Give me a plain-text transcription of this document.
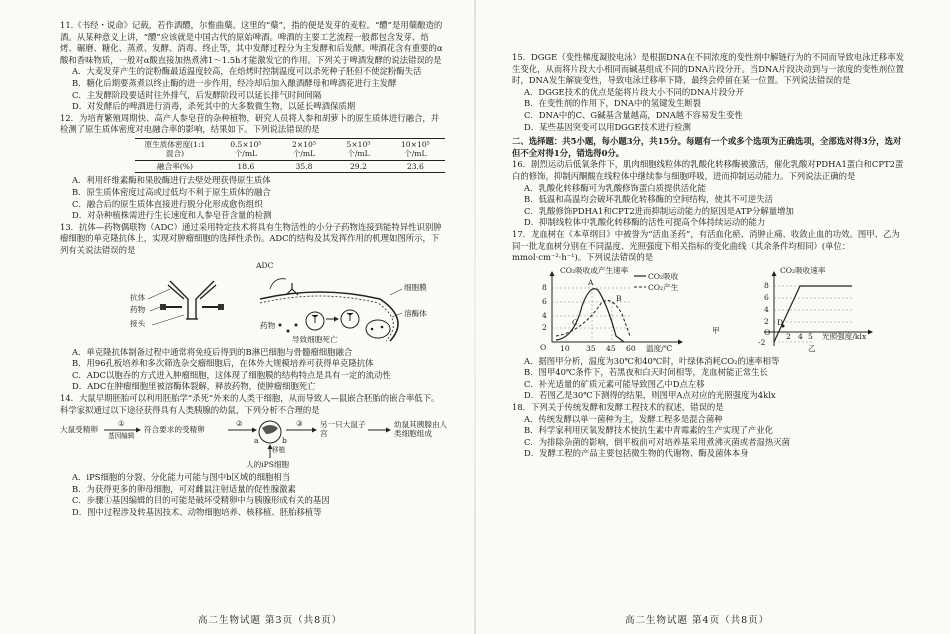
11.《书经・说命》记载，若作酒醴，尔惟曲蘖。这里的“蘖”，指的便是发芽的麦粒。“醴”是用蘖酿造的酒。从某种意义上讲，“醴”应该就是中国古代的原始啤酒。啤酒的主要工艺流程一般都包含发芽、焙烤、碾磨、糖化、蒸煮、发酵、消毒、终止等，其中发酵过程分为主发酵和后发酵。啤酒花含有重要的α酸和香味物质，一般对α酸直接加热煮沸1～1.5h才能激发它的作用。下列关于啤酒发酵的说法错误的是

A．大麦发芽产生的淀粉酶最适温度较高，在焙烤时控制温度可以杀死种子胚但不使淀粉酶失活

B．糖化后期要蒸煮以终止酶的进一步作用，经冷却后加入酿酒酵母和啤酒花进行主发酵

C．主发酵阶段要适时往外排气，后发酵阶段可以延长排气时间间隔

D．对发酵后的啤酒进行消毒，杀死其中的大多数微生物，以延长啤酒保质期

12．为培育繁殖周期快、高产人参皂苷的杂种植物，研究人员将人参和胡萝卜的原生质体进行融合，并检测了原生质体密度对电融合率的影响，结果如下。下列说法错误的是

原生质体密度(1:1混合)	0.5×10⁵个/mL	2×10⁵个/mL	5×10⁵个/mL	10×10⁵个/mL
融合率(%)	18.6	35.8	29.2	23.6

A．利用纤维素酶和果胶酶进行去壁处理获得原生质体

B．原生质体密度过高或过低均不利于原生质体的融合

C．融合后的原生质体直接进行脱分化形成愈伤组织

D．对杂种植株需进行生长速度和人参皂苷含量的检测

13．抗体—药物偶联物（ADC）通过采用特定技术将具有生物活性的小分子药物连接到能特异性识别肿瘤细胞的单克隆抗体上，实现对肿瘤细胞的选择性杀伤。ADC的结构及其发挥作用的机理如图所示，下列有关说法错误的是

ADC
抗体
药物
接头
细胞膜
溶酶体
药物
导致细胞死亡

A．单克隆抗体制备过程中通常将免疫后得到的B淋巴细胞与骨髓瘤细胞融合

B．用96孔板培养和多次筛选杂交瘤细胞后，在体外大规模培养可获得单克隆抗体

C．ADC以胞吞的方式进入肿瘤细胞，这体现了细胞膜的结构特点是具有一定的流动性

D．ADC在肿瘤细胞里被溶酶体裂解，释放药物，使肿瘤细胞死亡

14．大鼠早期胚胎可以利用胚胎学“杀死”外来的人类干细胞，从而导致人—鼠嵌合胚胎的嵌合率低下。科学家拟通过以下途径获得具有人类胰腺的幼鼠，下列分析不合理的是

大鼠受精卵
①
基因编辑
符合要求的受精卵
②	③ 另一只大鼠子宫
幼鼠其胰腺由人类细胞组成
a	b
移植
人的iPS细胞

A．iPS细胞的分裂、分化能力可能与图中b区域的细胞相当

B．为获得更多的卵母细胞，可对雌鼠注射适量的促性腺激素

C．步骤①基因编辑的目的可能是破坏受精卵中与胰腺形成有关的基因

D．图中过程涉及转基因技术、动物细胞培养、核移植、胚胎移植等

高二生物试题 第3页（共8页）

15．DGGE（变性梯度凝胶电泳）是根据DNA在不同浓度的变性剂中解链行为的不同而导致电泳迁移率发生变化，从而将片段大小相同而碱基组成不同的DNA片段分开。当DNA片段决动到与一浓度的变性剂位置时，DNA发生解旋变性，导致电泳迁移率下降，最终会停留在某一位置。下列说法错误的是

A．DGGE技术的优点是能将片段大小不同的DNA片段分开

B．在变性剂的作用下，DNA中的氢键发生断裂

C．DNA中的C、G碱基含量越高，DNA越不容易发生变性

D．某些基因突变可以用DGGE技术进行检测

二、选择题：共5小题，每小题3分，共15分。每题有一个或多个选项为正确选项，全部选对得3分，选对但不全对得1分，错选得0分。

16．剧烈运动后低氧条件下，肌肉细胞线粒体的乳酸化转移酶被激活，催化乳酸对PDHA1蛋白和CPT2蛋白的修饰，抑制丙酮酸在线粒体中继续参与细胞呼吸，进而抑制运动能力。下列说法正确的是

A．乳酸化转移酶可为乳酸修饰蛋白质提供活化能

B．低温和高温均会破坏乳酸化转移酶的空间结构，使其不可逆失活

C．乳酸修饰PDHA1和CPT2进而抑制运动能力的原因是ATP分解量增加

D．抑制线粒体中乳酸化转移酶的活性可提高个体持续运动的能力

17．龙血树在《本草纲目》中被誉为“活血圣药”，有活血化瘀、消肿止痛、收敛止血的功效。图甲、乙为同一批龙血树分别在不同温度、光照强度下相关指标的变化曲线（其余条件均相同）(单位：mmol·cm⁻²·h⁻¹)。下列说法错误的是

CO₂吸收或产生速率
CO₂吸收
CO₂产生
8
6
4
2
O 10 35 45 60 温度/℃
A
B
C
甲
CO₂吸收速率
8
6
4
2
-2
O 2 4 5 光照强度/klx
D
乙

A．据图甲分析，温度为30℃和40℃时，叶绿体消耗CO₂的速率相等

B．图甲40℃条件下，若黑夜和白天时间相等，龙血树能正常生长

C．补光适量的矿质元素可能导致图乙中D点左移

D．若图乙是30℃下测得的结果，则图甲A点对应的光照强度为4klx

18．下列关于传统发酵和发酵工程技术的叙述，错误的是

A．传统发酵以单一菌种为主，发酵工程多是混合菌种

B．科学家利用厌氧发酵技术使抗生素中青霉素的生产实现了产业化

C．为排除杂菌的影响，倒平板前可对培养基采用煮沸灭菌或者湿热灭菌

D．发酵工程的产品主要包括微生物的代谢物、酶及菌体本身

高二生物试题 第4页（共8页）
